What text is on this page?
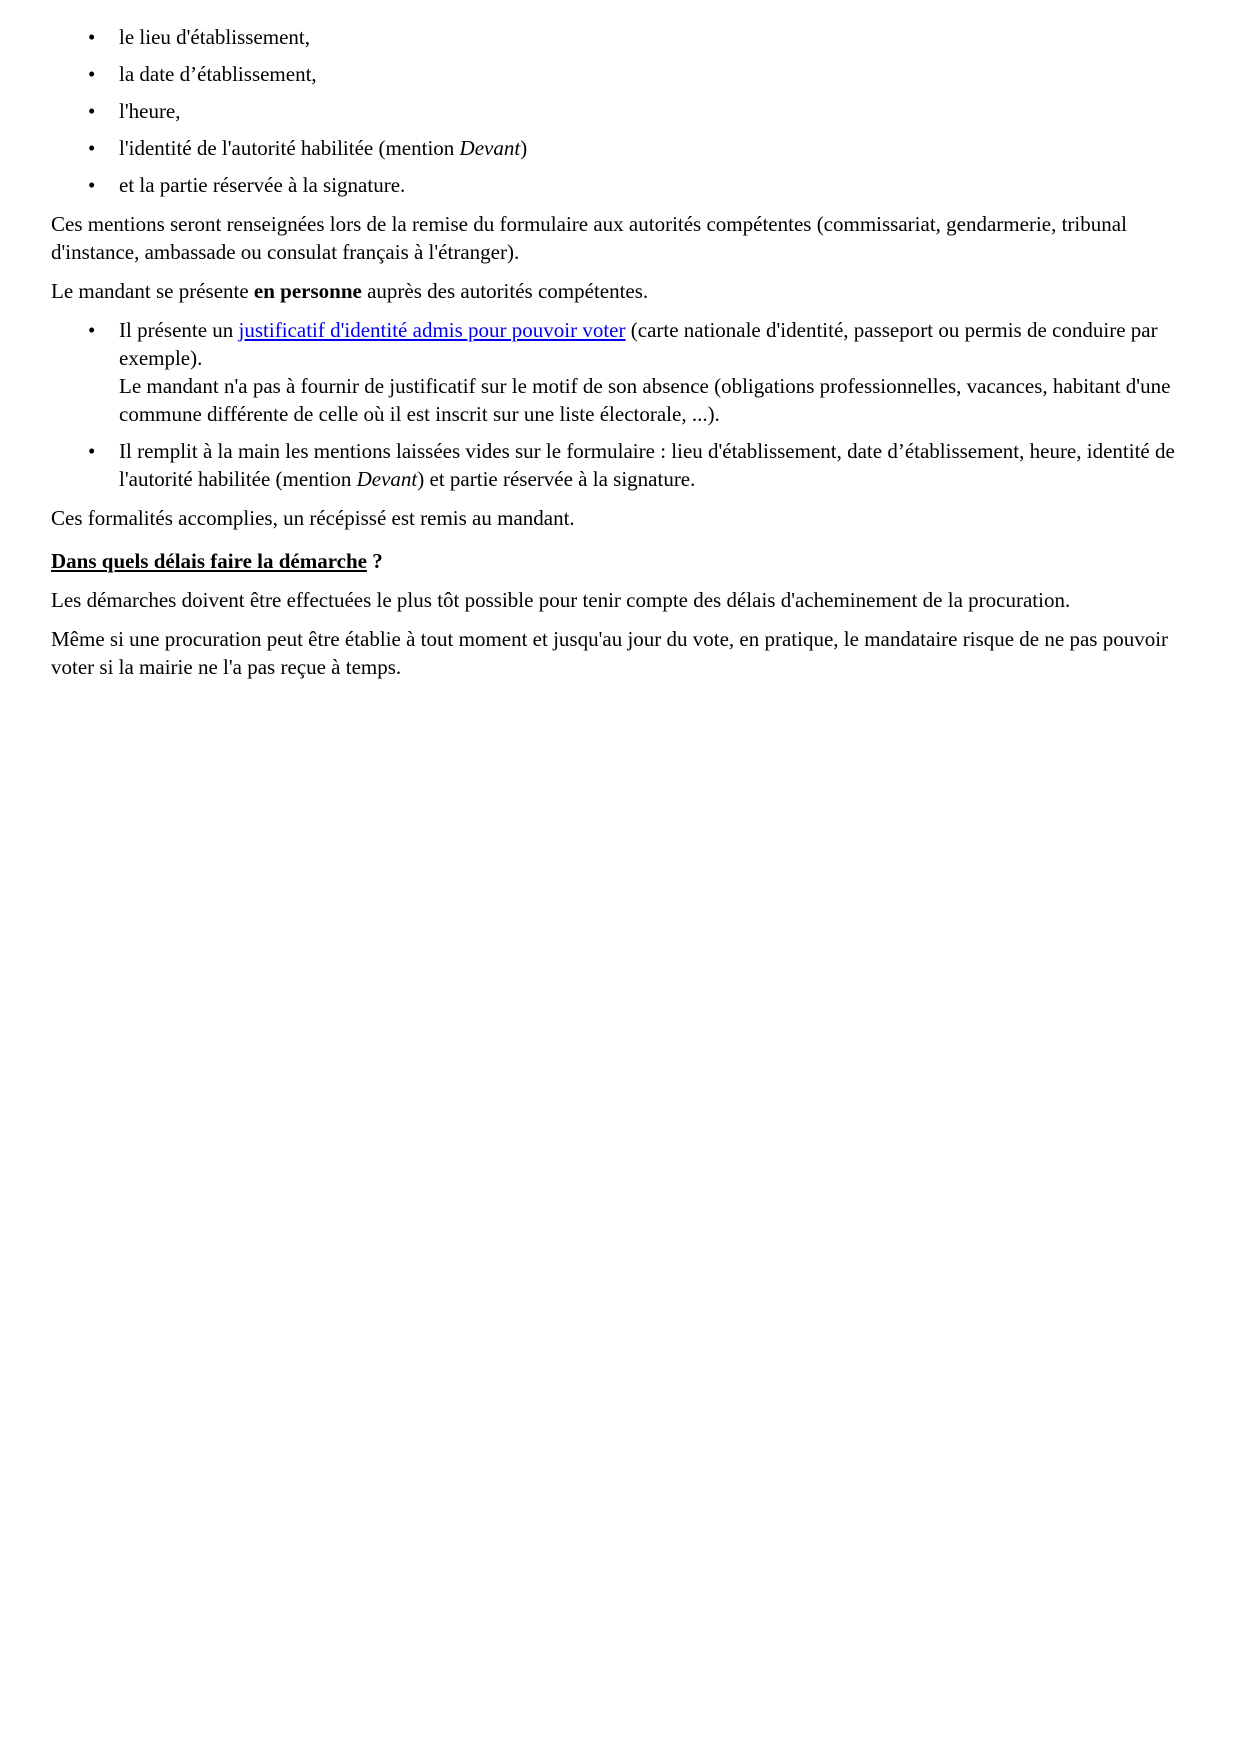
• le lieu d'établissement,
• la date d’établissement,
• l'heure,
• l'identité de l'autorité habilitée (mention Devant)
• et la partie réservée à la signature.

Ces mentions seront renseignées lors de la remise du formulaire aux autorités compétentes (commissariat, gendarmerie, tribunal d'instance, ambassade ou consulat français à l'étranger).

Le mandant se présente en personne auprès des autorités compétentes.

• Il présente un justificatif d'identité admis pour pouvoir voter (carte nationale d'identité, passeport ou permis de conduire par exemple).
Le mandant n'a pas à fournir de justificatif sur le motif de son absence (obligations professionnelles, vacances, habitant d'une commune différente de celle où il est inscrit sur une liste électorale, ...).
• Il remplit à la main les mentions laissées vides sur le formulaire : lieu d'établissement, date d’établissement, heure, identité de l'autorité habilitée (mention Devant) et partie réservée à la signature.

Ces formalités accomplies, un récépissé est remis au mandant.

Dans quels délais faire la démarche ?

Les démarches doivent être effectuées le plus tôt possible pour tenir compte des délais d'acheminement de la procuration.

Même si une procuration peut être établie à tout moment et jusqu'au jour du vote, en pratique, le mandataire risque de ne pas pouvoir voter si la mairie ne l'a pas reçue à temps.
